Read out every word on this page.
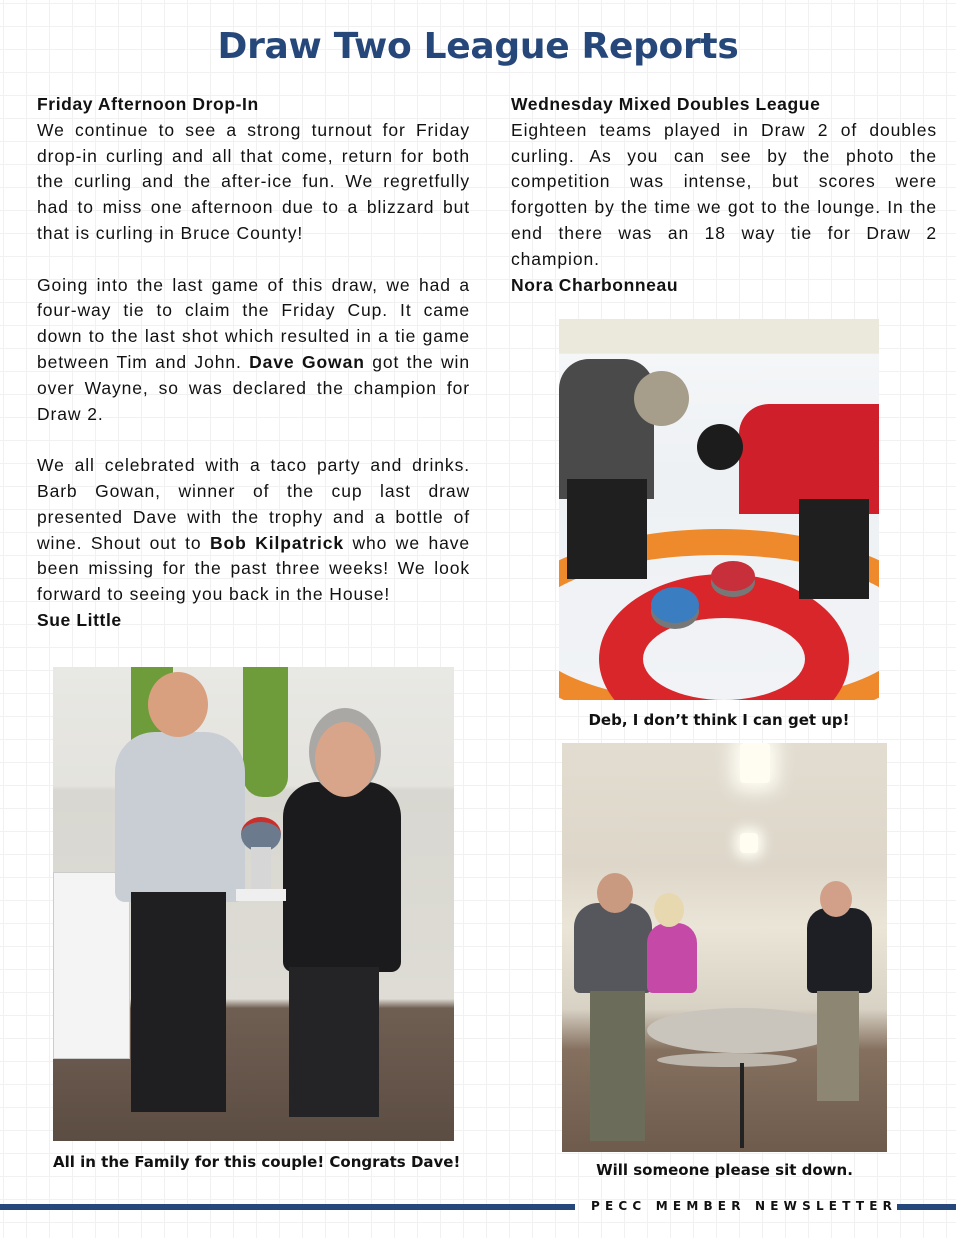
Draw Two League Reports

Friday Afternoon Drop-In

We continue to see a strong turnout for Friday drop-in curling and all that come, return for both the curling and the after-ice fun. We regretfully had to miss one afternoon due to a blizzard but that is curling in Bruce County!

Going into the last game of this draw, we had a four-way tie to claim the Friday Cup. It came down to the last shot which resulted in a tie game between Tim and John. Dave Gowan got the win over Wayne, so was declared the champion for Draw 2.

We all celebrated with a taco party and drinks. Barb Gowan, winner of the cup last draw presented Dave with the trophy and a bottle of wine. Shout out to Bob Kilpatrick who we have been missing for the past three weeks! We look forward to seeing you back in the House!

Sue Little

Wednesday Mixed Doubles League

Eighteen teams played in Draw 2 of doubles curling. As you can see by the photo the competition was intense, but scores were forgotten by the time we got to the lounge. In the end there was an 18 way tie for Draw 2 champion.

Nora Charbonneau

Deb, I don’t think I can get up!
All in the Family for this couple! Congrats Dave!	Will someone please sit down.
PECC MEMBER NEWSLETTER
